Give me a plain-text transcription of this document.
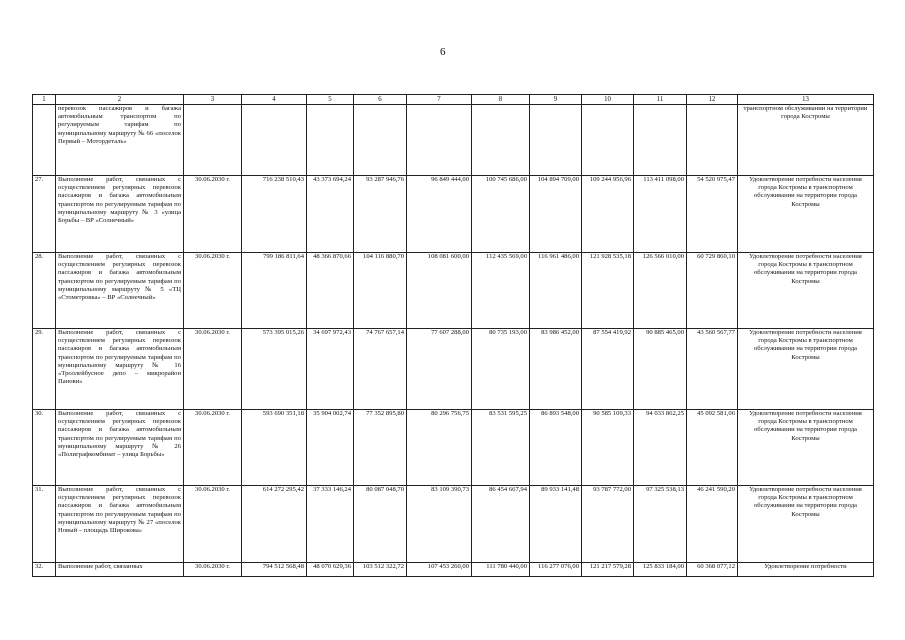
6
1	2	3	4	5	6	7	8	9	10	11	12	13
	перевозок пассажиров и багажа автомобильным транспортом по регулируемым тарифам по муниципальному маршруту № 66 «поселок Первый – Мотордеталь»											транспортном обслуживании на территории города Костромы
27.	Выполнение работ, связанных с осуществлением регулярных перевозок пассажиров и багажа автомобильным транспортом по регулируемым тарифам по муниципальному маршруту № 3 «улица Борьбы – ВР «Солнечный»	30.06.2030 г.	716 238 510,43	43 373 694,24	93 287 946,76	96 849 444,00	100 745 686,00	104 894 709,00	109 244 956,96	113 411 098,00	54 520 975,47	Удовлетворение потребности населения города Костромы в транспортном обслуживании на территории города Костромы
28.	Выполнение работ, связанных с осуществлением регулярных перевозок пассажиров и багажа автомобильным транспортом по регулируемым тарифам по муниципальному маршруту № 5 «ТЦ «Стометровка» – ВР «Солнечный»	30.06.2030 г.	799 186 811,64	48 366 870,66	104 116 880,70	108 081 600,00	112 435 569,00	116 961 486,00	121 928 535,18	126 566 010,00	60 729 860,10	Удовлетворение потребности населения города Костромы в транспортном обслуживании на территории города Костромы
29.	Выполнение работ, связанных с осуществлением регулярных перевозок пассажиров и багажа автомобильным транспортом по регулируемым тарифам по муниципальному маршруту № 16 «Троллейбусное депо – микрорайон Панови»	30.06.2030 г.	573 395 015,26	34 697 972,43	74 767 657,14	77 607 288,00	80 735 193,00	83 986 452,00	87 554 419,92	90 885 465,00	43 560 567,77	Удовлетворение потребности населения города Костромы в транспортном обслуживании на территории города Костромы
30.	Выполнение работ, связанных с осуществлением регулярных перевозок пассажиров и багажа автомобильным транспортом по регулируемым тарифам по муниципальному маршруту № 26 «Полиграфкомбинат – улица Борьбы»	30.06.2030 г.	593 690 351,18	35 904 002,74	77 352 895,80	80 296 756,75	83 531 595,25	86 893 548,00	90 585 109,33	94 033 862,25	45 092 581,06	Удовлетворение потребности населения города Костромы в транспортном обслуживании на территории города Костромы
31.	Выполнение работ, связанных с осуществлением регулярных перевозок пассажиров и багажа автомобильным транспортом по регулируемым тарифам по муниципальному маршруту № 27 «поселок Новый – площадь Широкова»	30.06.2030 г.	614 272 295,42	37 333 146,24	80 087 048,70	83 109 390,73	86 454 667,94	89 933 141,48	93 787 772,00	97 325 538,13	46 241 590,20	Удовлетворение потребности населения города Костромы в транспортном обслуживании на территории города Костромы
32.	Выполнение работ, связанных	30.06.2030 г.	794 512 568,48	48 070 629,36	103 512 322,72	107 453 260,00	111 780 440,00	116 277 076,00	121 217 579,28	125 833 184,00	60 368 077,12	Удовлетворение потребности
